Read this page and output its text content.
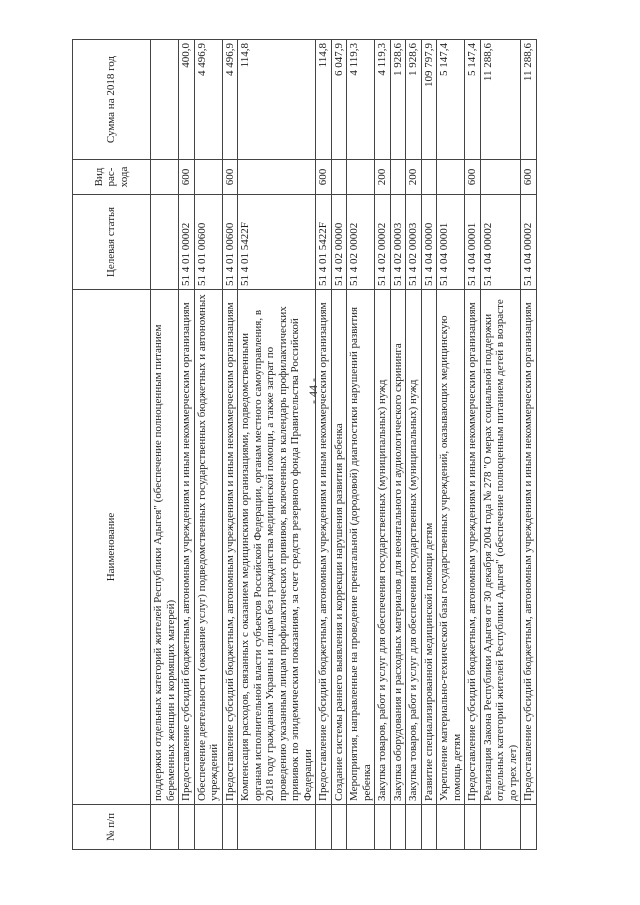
- 44 -
№ п/п	Наименование	Целевая статья	Вид рас-хода	Сумма на 2018 год
	поддержки отдельных категорий жителей Республики Адыгея" (обеспечение полноценным питанием беременных женщин и кормящих матерей)			
	Предоставление субсидий бюджетным, автономным учреждениям и иным некоммерческим организациям	51 4 01 00002	600	400,0
	Обеспечение деятельности (оказание услуг) подведомственных государственных бюджетных и автономных учреждений	51 4 01 00600		4 496,9
	Предоставление субсидий бюджетным, автономным учреждениям и иным некоммерческим организациям	51 4 01 00600	600	4 496,9
	Компенсация расходов, связанных с оказанием медицинскими организациями, подведомственными органам исполнительной власти субъектов Российской Федерации, органам местного самоуправления, в 2018 году гражданам Украины и лицам без гражданства медицинской помощи, а также затрат по проведению указанным лицам профилактических прививок, включенных в календарь профилактических прививок по эпидемическим показаниям, за счет средств резервного фонда Правительства Российской Федерации	51 4 01 5422F		114,8
	Предоставление субсидий бюджетным, автономным учреждениям и иным некоммерческим организациям	51 4 01 5422F	600	114,8
	Создание системы раннего выявления и коррекции нарушения развития ребенка	51 4 02 00000		6 047,9
	Мероприятия, направленные на проведение пренатальной (дородовой) диагностики нарушений развития ребенка	51 4 02 00002		4 119,3
	Закупка товаров, работ и услуг для обеспечения государственных (муниципальных) нужд	51 4 02 00002	200	4 119,3
	Закупка оборудования и расходных материалов для неонатального и аудиологического скрининга	51 4 02 00003		1 928,6
	Закупка товаров, работ и услуг для обеспечения государственных (муниципальных) нужд	51 4 02 00003	200	1 928,6
	Развитие специализированной медицинской помощи детям	51 4 04 00000		109 797,9
	Укрепление материально-технической базы государственных учреждений, оказывающих медицинскую помощь детям	51 4 04 00001		5 147,4
	Предоставление субсидий бюджетным, автономным учреждениям и иным некоммерческим организациям	51 4 04 00001	600	5 147,4
	Реализация Закона Республики Адыгея от 30 декабря 2004 года № 278 "О мерах социальной поддержки отдельных категорий жителей Республики Адыгея" (обеспечение полноценным питанием детей в возрасте до трех лет)	51 4 04 00002		11 288,6
	Предоставление субсидий бюджетным, автономным учреждениям и иным некоммерческим организациям	51 4 04 00002	600	11 288,6
